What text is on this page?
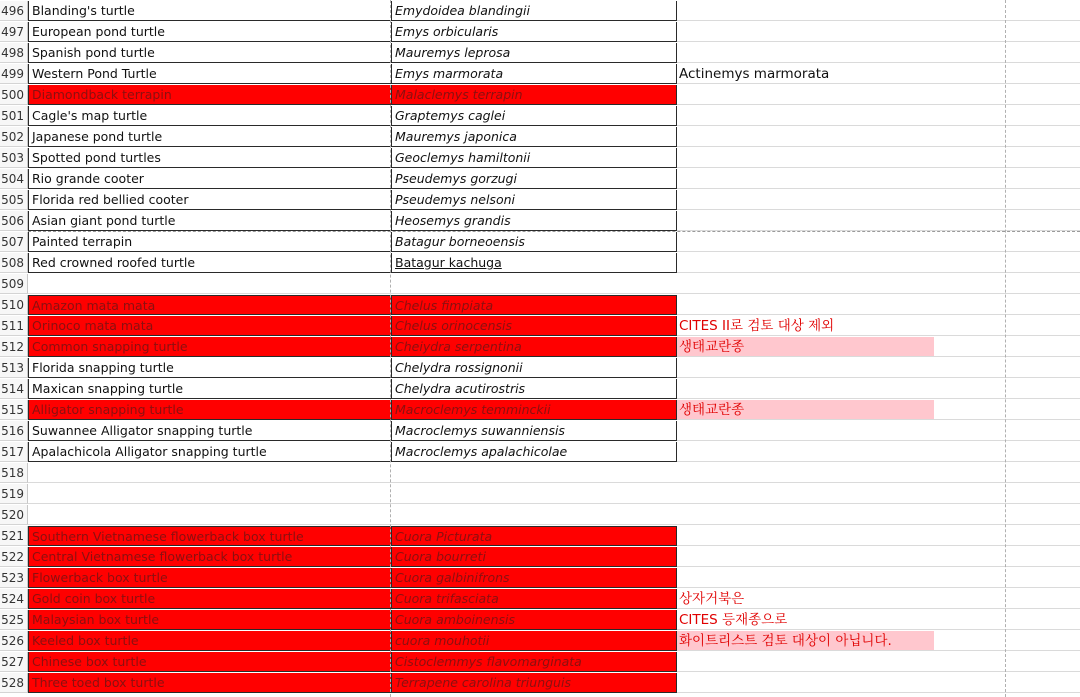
496 Blanding's turtle	Emydoidea blandingii
497 European pond turtle	Emys orbicularis
498 Spanish pond turtle	Mauremys leprosa
499 Western Pond Turtle	Emys marmorata	Actinemys marmorata
500 Diamondback terrapin	Malaclemys terrapin
501 Cagle's map turtle	Graptemys caglei
502 Japanese pond turtle	Mauremys japonica
503 Spotted pond turtles	Geoclemys hamiltonii
504 Rio grande cooter	Pseudemys gorzugi
505 Florida red bellied cooter	Pseudemys nelsoni
506 Asian giant pond turtle	Heosemys grandis
507 Painted terrapin	Batagur borneoensis
508 Red crowned roofed turtle	Batagur kachuga
509
510 Amazon mata mata	Chelus fimpiata
511 Orinoco mata mata	Chelus orinocensis	CITES II로 검토 대상 제외
512 Common snapping turtle	Cheiydra serpentina	생태교란종
513 Florida snapping turtle	Chelydra rossignonii
514 Maxican snapping turtle	Chelydra acutirostris
515 Alligator snapping turtle	Macroclemys temminckii	생태교란종
516 Suwannee Alligator snapping turtle	Macroclemys suwanniensis
517 Apalachicola Alligator snapping turtle	Macroclemys apalachicolae
518
519
520
521 Southern Vietnamese flowerback box turtle	Cuora Picturata
522 Central Vietnamese flowerback box turtle	Cuora bourreti
523 Flowerback box turtle	Cuora galbinifrons
524 Gold coin box turtle	Cuora trifasciata	상자거북은
525 Malaysian box turtle	Cuora amboinensis	CITES 등재종으로
526 Keeled box turtle	cuora mouhotii	화이트리스트 검토 대상이 아닙니다.
527 Chinese box turtle	Cistoclemmys flavomarginata
528 Three toed box turtle	Terrapene carolina triunguis
